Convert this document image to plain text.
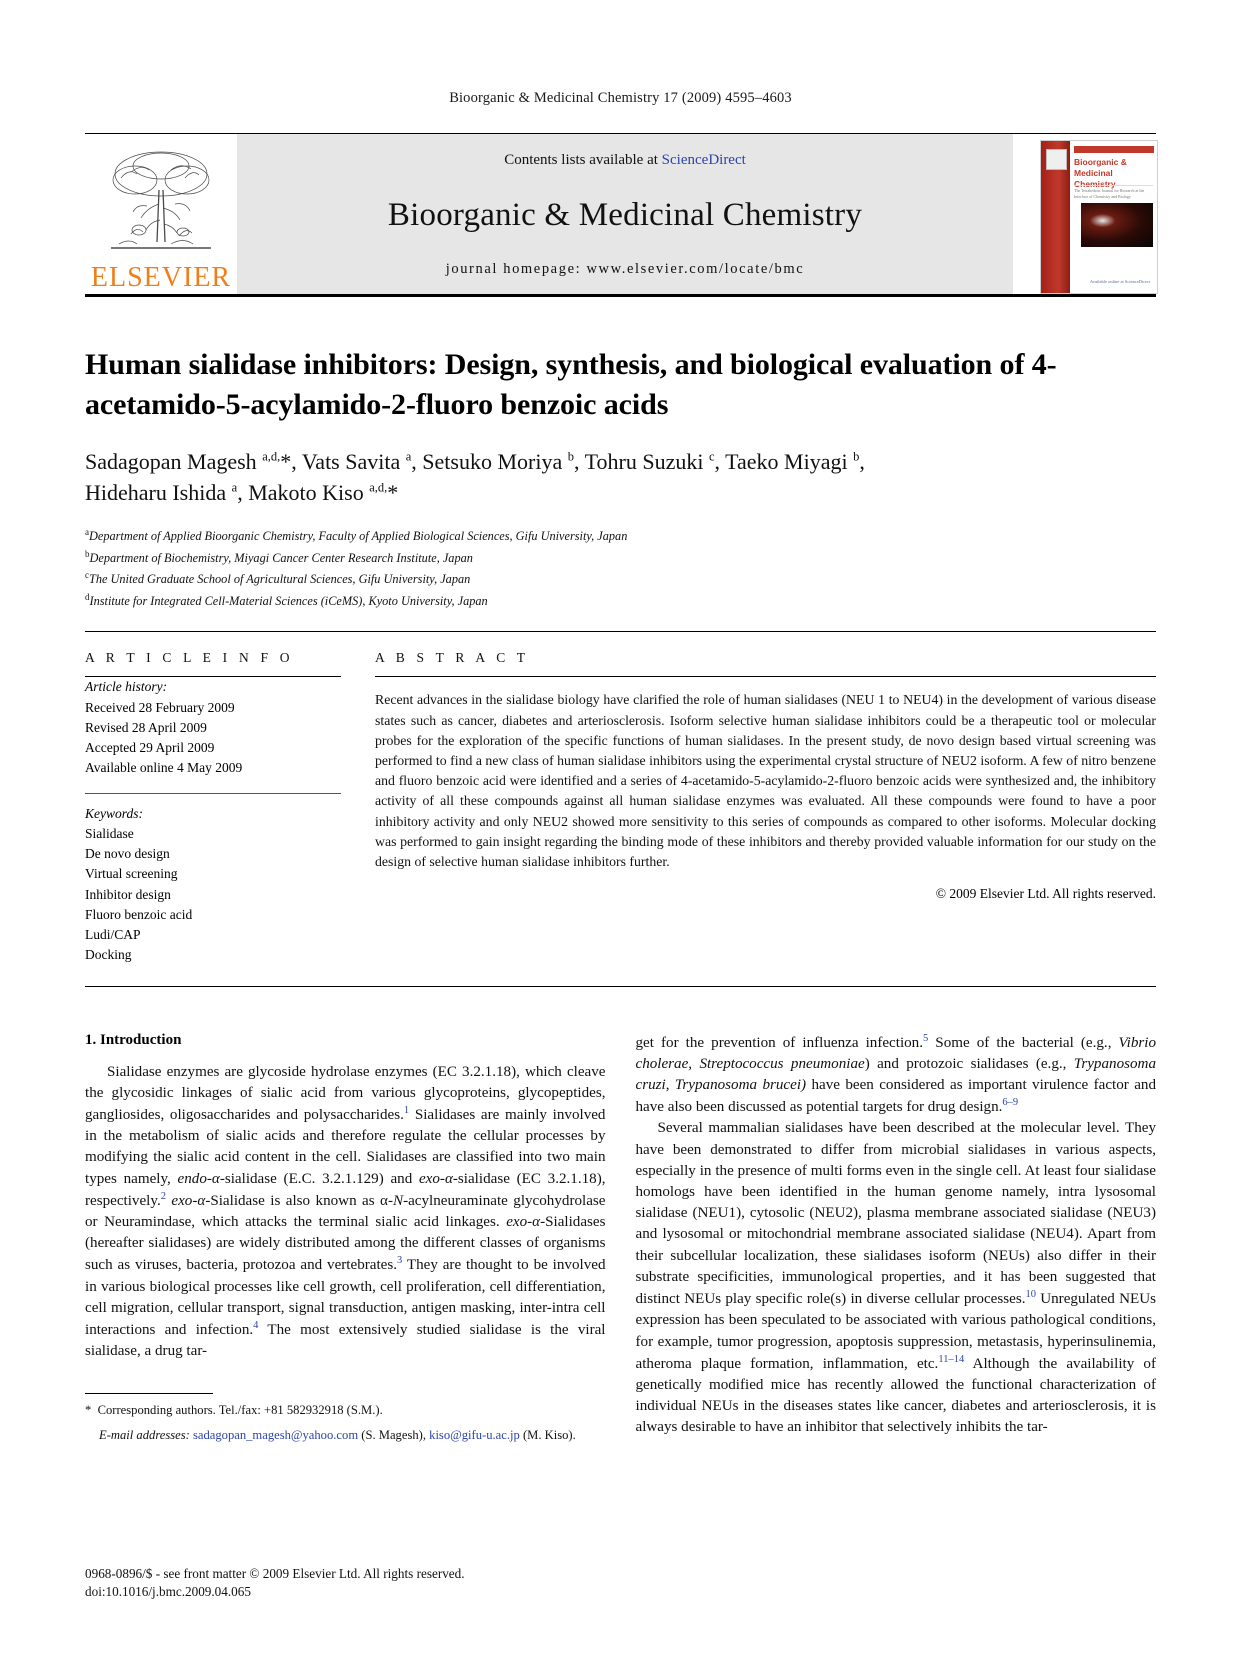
Bioorganic & Medicinal Chemistry 17 (2009) 4595–4603
ELSEVIER
Contents lists available at ScienceDirect
Bioorganic & Medicinal Chemistry
journal homepage: www.elsevier.com/locate/bmc
Bioorganic & Medicinal Chemistry
The Tetrahedron Journal for Research at the Interface of Chemistry and Biology
Available online at ScienceDirect
Human sialidase inhibitors: Design, synthesis, and biological evaluation of 4-acetamido-5-acylamido-2-fluoro benzoic acids
Sadagopan Magesh $^{a,d,}$*, Vats Savita $^a$, Setsuko Moriya $^b$, Tohru Suzuki $^c$, Taeko Miyagi $^b$,
Hideharu Ishida $^a$, Makoto Kiso $^{a,d,}$*
$^a$Department of Applied Bioorganic Chemistry, Faculty of Applied Biological Sciences, Gifu University, Japan
$^b$Department of Biochemistry, Miyagi Cancer Center Research Institute, Japan
$^c$The United Graduate School of Agricultural Sciences, Gifu University, Japan
$^d$Institute for Integrated Cell-Material Sciences (iCeMS), Kyoto University, Japan
A R T I C L E I N F O
Article history:
Received 28 February 2009
Revised 28 April 2009
Accepted 29 April 2009
Available online 4 May 2009
Keywords:
Sialidase
De novo design
Virtual screening
Inhibitor design
Fluoro benzoic acid
Ludi/CAP
Docking
A B S T R A C T
Recent advances in the sialidase biology have clarified the role of human sialidases (NEU 1 to NEU4) in the development of various disease states such as cancer, diabetes and arteriosclerosis. Isoform selective human sialidase inhibitors could be a therapeutic tool or molecular probes for the exploration of the specific functions of human sialidases. In the present study, de novo design based virtual screening was performed to find a new class of human sialidase inhibitors using the experimental crystal structure of NEU2 isoform. A few of nitro benzene and fluoro benzoic acid were identified and a series of 4-acetamido-5-acylamido-2-fluoro benzoic acids were synthesized and, the inhibitory activity of all these compounds against all human sialidase enzymes was evaluated. All these compounds were found to have a poor inhibitory activity and only NEU2 showed more sensitivity to this series of compounds as compared to other isoforms. Molecular docking was performed to gain insight regarding the binding mode of these inhibitors and thereby provided valuable information for our study on the design of selective human sialidase inhibitors further.
© 2009 Elsevier Ltd. All rights reserved.
1. Introduction

Sialidase enzymes are glycoside hydrolase enzymes (EC 3.2.1.18), which cleave the glycosidic linkages of sialic acid from various glycoproteins, glycopeptides, gangliosides, oligosaccharides and polysaccharides.$^1$ Sialidases are mainly involved in the metabolism of sialic acids and therefore regulate the cellular processes by modifying the sialic acid content in the cell. Sialidases are classified into two main types namely, endo-α-sialidase (E.C. 3.2.1.129) and exo-α-sialidase (EC 3.2.1.18), respectively.$^2$ exo-α-Sialidase is also known as α-N-acylneuraminate glycohydrolase or Neuramindase, which attacks the terminal sialic acid linkages. exo-α-Sialidases (hereafter sialidases) are widely distributed among the different classes of organisms such as viruses, bacteria, protozoa and vertebrates.$^3$ They are thought to be involved in various biological processes like cell growth, cell proliferation, cell differentiation, cell migration, cellular transport, signal transduction, antigen masking, inter-intra cell interactions and infection.$^4$ The most extensively studied sialidase is the viral sialidase, a drug tar-

* Corresponding authors. Tel./fax: +81 582932918 (S.M.).
E-mail addresses: sadagopan_magesh@yahoo.com (S. Magesh), kiso@gifu-u.ac.jp (M. Kiso).

get for the prevention of influenza infection.$^5$ Some of the bacterial (e.g., Vibrio cholerae, Streptococcus pneumoniae) and protozoic sialidases (e.g., Trypanosoma cruzi, Trypanosoma brucei) have been considered as important virulence factor and have also been discussed as potential targets for drug design.$^{6-9}$

Several mammalian sialidases have been described at the molecular level. They have been demonstrated to differ from microbial sialidases in various aspects, especially in the presence of multi forms even in the single cell. At least four sialidase homologs have been identified in the human genome namely, intra lysosomal sialidase (NEU1), cytosolic (NEU2), plasma membrane associated sialidase (NEU3) and lysosomal or mitochondrial membrane associated sialidase (NEU4). Apart from their subcellular localization, these sialidases isoform (NEUs) also differ in their substrate specificities, immunological properties, and it has been suggested that distinct NEUs play specific role(s) in diverse cellular processes.$^{10}$ Unregulated NEUs expression has been speculated to be associated with various pathological conditions, for example, tumor progression, apoptosis suppression, metastasis, hyperinsulinemia, atheroma plaque formation, inflammation, etc.$^{11-14}$ Although the availability of genetically modified mice has recently allowed the functional characterization of individual NEUs in the diseases states like cancer, diabetes and arteriosclerosis, it is always desirable to have an inhibitor that selectively inhibits the tar-

0968-0896/$ - see front matter © 2009 Elsevier Ltd. All rights reserved.
doi:10.1016/j.bmc.2009.04.065
